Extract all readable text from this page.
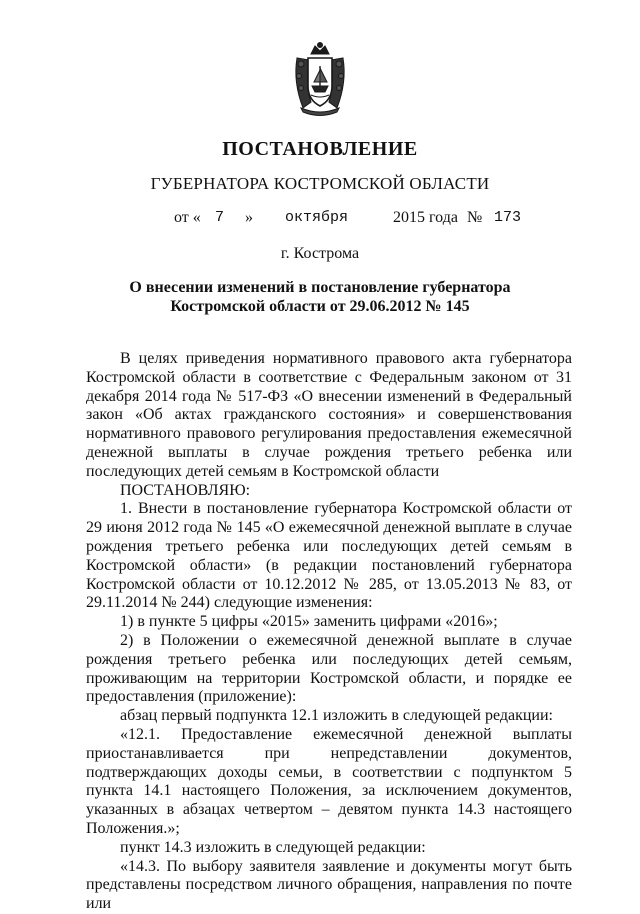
ПОСТАНОВЛЕНИЕ
ГУБЕРНАТОРА КОСТРОМСКОЙ ОБЛАСТИ
от « 7 » октября	2015 года № 173
г. Кострома
О внесении изменений в постановление губернатора
Костромской области от 29.06.2012 № 145

В целях приведения нормативного правового акта губернатора Костромской области в соответствие с Федеральным законом от 31 декабря 2014 года № 517-ФЗ «О внесении изменений в Федеральный закон «Об актах гражданского состояния» и совершенствования нормативного правового регулирования предоставления ежемесячной денежной выплаты в случае рождения третьего ребенка или последующих детей семьям в Костромской области

ПОСТАНОВЛЯЮ:

1. Внести в постановление губернатора Костромской области от 29 июня 2012 года № 145 «О ежемесячной денежной выплате в случае рождения третьего ребенка или последующих детей семьям в Костромской области» (в редакции постановлений губернатора Костромской области от 10.12.2012 № 285, от 13.05.2013 № 83, от 29.11.2014 № 244) следующие изменения:

1) в пункте 5 цифры «2015» заменить цифрами «2016»;

2) в Положении о ежемесячной денежной выплате в случае рождения третьего ребенка или последующих детей семьям, проживающим на территории Костромской области, и порядке ее предоставления (приложение):

абзац первый подпункта 12.1 изложить в следующей редакции:

«12.1. Предоставление ежемесячной денежной выплаты приостанавливается при непредставлении документов, подтверждающих доходы семьи, в соответствии с подпунктом 5 пункта 14.1 настоящего Положения, за исключением документов, указанных в абзацах четвертом – девятом пункта 14.3 настоящего Положения.»;

пункт 14.3 изложить в следующей редакции:

«14.3. По выбору заявителя заявление и документы могут быть представлены посредством личного обращения, направления по почте или
